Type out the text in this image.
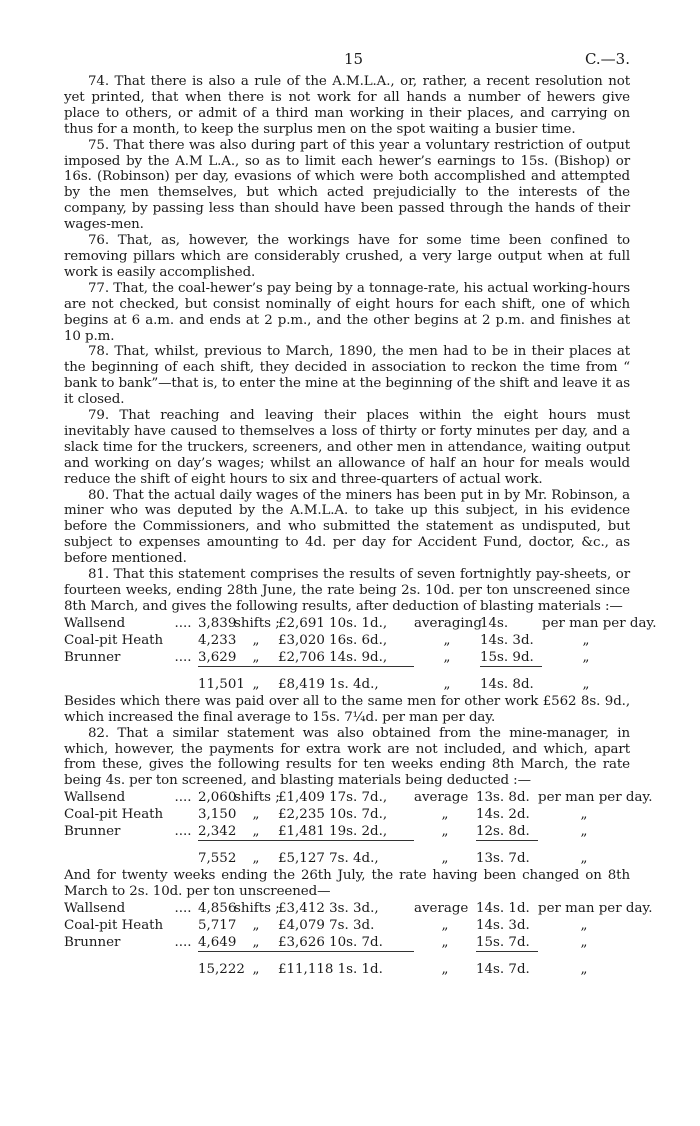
15	C.—3.

74. That there is also a rule of the A.M.L.A., or, rather, a recent resolution not yet printed, that when there is not work for all hands a number of hewers give place to others, or admit of a third man working in their places, and carrying on thus for a month, to keep the surplus men on the spot waiting a busier time.

75. That there was also during part of this year a voluntary restriction of output imposed by the A.M L.A., so as to limit each hewer’s earnings to 15s. (Bishop) or 16s. (Robinson) per day, evasions of which were both accomplished and attempted by the men themselves, but which acted prejudicially to the interests of the company, by passing less than should have been passed through the hands of their wages-men.

76. That, as, however, the workings have for some time been confined to removing pillars which are considerably crushed, a very large output when at full work is easily accomplished.

77. That, the coal-hewer’s pay being by a tonnage-rate, his actual working-hours are not checked, but consist nominally of eight hours for each shift, one of which begins at 6 a.m. and ends at 2 p.m., and the other begins at 2 p.m. and finishes at 10 p.m.

78. That, whilst, previous to March, 1890, the men had to be in their places at the beginning of each shift, they decided in association to reckon the time from “ bank to bank”—that is, to enter the mine at the beginning of the shift and leave it as it closed.

79. That reaching and leaving their places within the eight hours must inevitably have caused to themselves a loss of thirty or forty minutes per day, and a slack time for the truckers, screeners, and other men in attendance, waiting output and working on day’s wages; whilst an allowance of half an hour for meals would reduce the shift of eight hours to six and three-quarters of actual work.

80. That the actual daily wages of the miners has been put in by Mr. Robinson, a miner who was deputed by the A.M.L.A. to take up this subject, in his evidence before the Commissioners, and who submitted the statement as undisputed, but subject to expenses amounting to 4d. per day for Accident Fund, doctor, &c., as before mentioned.

81. That this statement comprises the results of seven fortnightly pay-sheets, or fourteen weeks, ending 28th June, the rate being 2s. 10d. per ton unscreened since 8th March, and gives the following results, after deduction of blasting materials :—

Wallsend	....	3,839	shifts ;	£2,691 10s. 1d.,	averaging	14s.	per man per day.
Coal-pit Heath		4,233	„	£3,020 16s. 6d.,	„	14s. 3d.	„
Brunner	....	3,629	„	£2,706 14s. 9d.,	„	15s. 9d.	„

		11,501	„	£8,419 1s. 4d.,	„	14s. 8d.	„

Besides which there was paid over all to the same men for other work £562 8s. 9d., which increased the final average to 15s. 7¼d. per man per day.

82. That a similar statement was also obtained from the mine-manager, in which, however, the payments for extra work are not included, and which, apart from these, gives the following results for ten weeks ending 8th March, the rate being 4s. per ton screened, and blasting materials being deducted :—

Wallsend	....	2,060	shifts ;	£1,409 17s. 7d.,	average	13s. 8d.	per man per day.
Coal-pit Heath		3,150	„	£2,235 10s. 7d.,	„	14s. 2d.	„
Brunner	....	2,342	„	£1,481 19s. 2d.,	„	12s. 8d.	„

		7,552	„	£5,127 7s. 4d.,	„	13s. 7d.	„

And for twenty weeks ending the 26th July, the rate having been changed on 8th March to 2s. 10d. per ton unscreened—

Wallsend	....	4,856	shifts ;	£3,412 3s. 3d.,	average	14s. 1d.	per man per day.
Coal-pit Heath		5,717	„	£4,079 7s. 3d.	„	14s. 3d.	„
Brunner	....	4,649	„	£3,626 10s. 7d.	„	15s. 7d.	„

		15,222	„	£11,118 1s. 1d.	„	14s. 7d.	„
